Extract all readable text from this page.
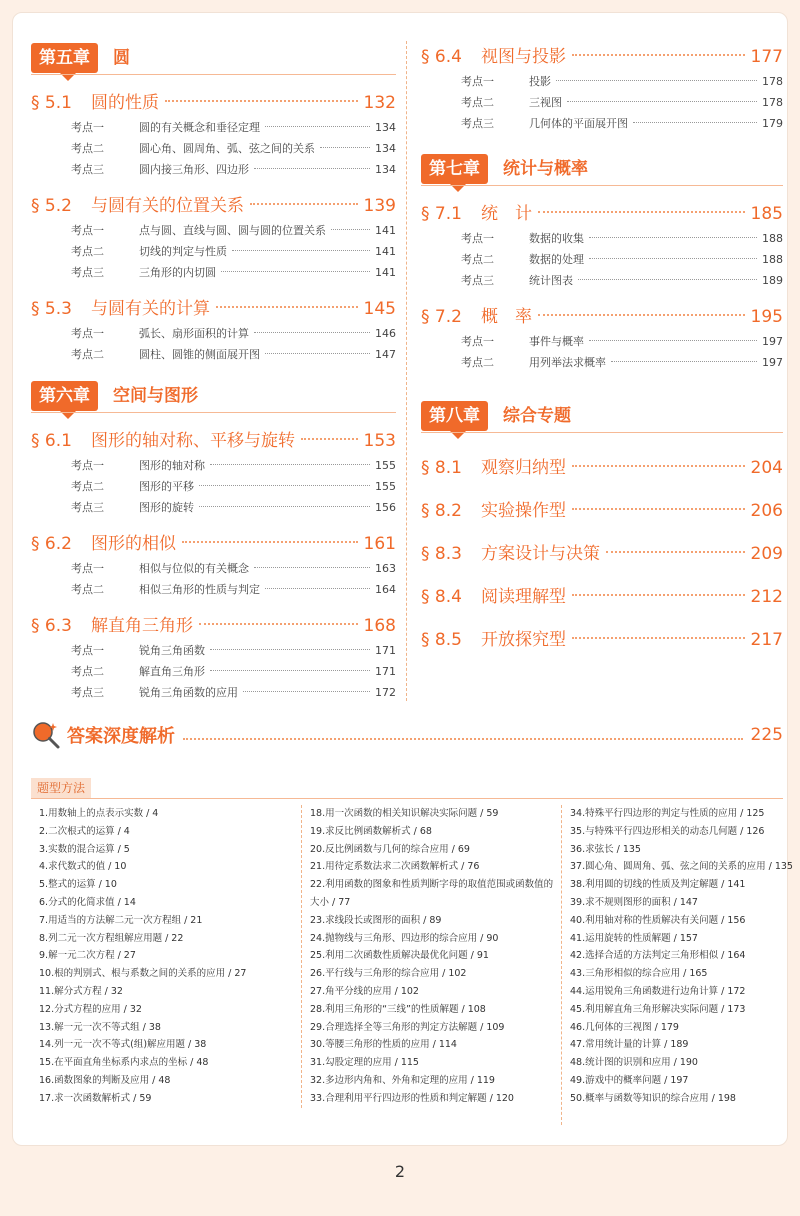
第五章	圆
§ 5.1	圆的性质	132
考点一	圆的有关概念和垂径定理	134
考点二	圆心角、圆周角、弧、弦之间的关系	134
考点三	圆内接三角形、四边形	134
§ 5.2	与圆有关的位置关系	139
考点一	点与圆、直线与圆、圆与圆的位置关系	141
考点二	切线的判定与性质	141
考点三	三角形的内切圆	141
§ 5.3	与圆有关的计算	145
考点一	弧长、扇形面积的计算	146
考点二	圆柱、圆锥的侧面展开图	147
第六章	空间与图形
§ 6.1	图形的轴对称、平移与旋转	153
考点一	图形的轴对称	155
考点二	图形的平移	155
考点三	图形的旋转	156
§ 6.2	图形的相似	161
考点一	相似与位似的有关概念	163
考点二	相似三角形的性质与判定	164
§ 6.3	解直角三角形	168
考点一	锐角三角函数	171
考点二	解直角三角形	171
考点三	锐角三角函数的应用	172
§ 6.4	视图与投影	177
考点一	投影	178
考点二	三视图	178
考点三	几何体的平面展开图	179
第七章	统计与概率
§ 7.1	统　计	185
考点一	数据的收集	188
考点二	数据的处理	188
考点三	统计图表	189
§ 7.2	概　率	195
考点一	事件与概率	197
考点二	用列举法求概率	197
第八章	综合专题
§ 8.1	观察归纳型	204
§ 8.2	实验操作型	206
§ 8.3	方案设计与决策	209
§ 8.4	阅读理解型	212
§ 8.5	开放探究型	217
答案深度解析	225
题型方法
1.用数轴上的点表示实数 / 4
2.二次根式的运算 / 4
3.实数的混合运算 / 5
4.求代数式的值 / 10
5.整式的运算 / 10
6.分式的化简求值 / 14
7.用适当的方法解二元一次方程组 / 21
8.列二元一次方程组解应用题 / 22
9.解一元二次方程 / 27
10.根的判别式、根与系数之间的关系的应用 / 27
11.解分式方程 / 32
12.分式方程的应用 / 32
13.解一元一次不等式组 / 38
14.列一元一次不等式(组)解应用题 / 38
15.在平面直角坐标系内求点的坐标 / 48
16.函数图象的判断及应用 / 48
17.求一次函数解析式 / 59
18.用一次函数的相关知识解决实际问题 / 59
19.求反比例函数解析式 / 68
20.反比例函数与几何的综合应用 / 69
21.用待定系数法求二次函数解析式 / 76
22.利用函数的图象和性质判断字母的取值范围或函数值的大小 / 77
23.求线段长或图形的面积 / 89
24.抛物线与三角形、四边形的综合应用 / 90
25.利用二次函数性质解决最优化问题 / 91
26.平行线与三角形的综合应用 / 102
27.角平分线的应用 / 102
28.利用三角形的“三线”的性质解题 / 108
29.合理选择全等三角形的判定方法解题 / 109
30.等腰三角形的性质的应用 / 114
31.勾股定理的应用 / 115
32.多边形内角和、外角和定理的应用 / 119
33.合理利用平行四边形的性质和判定解题 / 120
34.特殊平行四边形的判定与性质的应用 / 125
35.与特殊平行四边形相关的动态几何题 / 126
36.求弦长 / 135
37.圆心角、圆周角、弧、弦之间的关系的应用 / 135
38.利用圆的切线的性质及判定解题 / 141
39.求不规则图形的面积 / 147
40.利用轴对称的性质解决有关问题 / 156
41.运用旋转的性质解题 / 157
42.选择合适的方法判定三角形相似 / 164
43.三角形相似的综合应用 / 165
44.运用锐角三角函数进行边角计算 / 172
45.利用解直角三角形解决实际问题 / 173
46.几何体的三视图 / 179
47.常用统计量的计算 / 189
48.统计图的识别和应用 / 190
49.游戏中的概率问题 / 197
50.概率与函数等知识的综合应用 / 198
2
